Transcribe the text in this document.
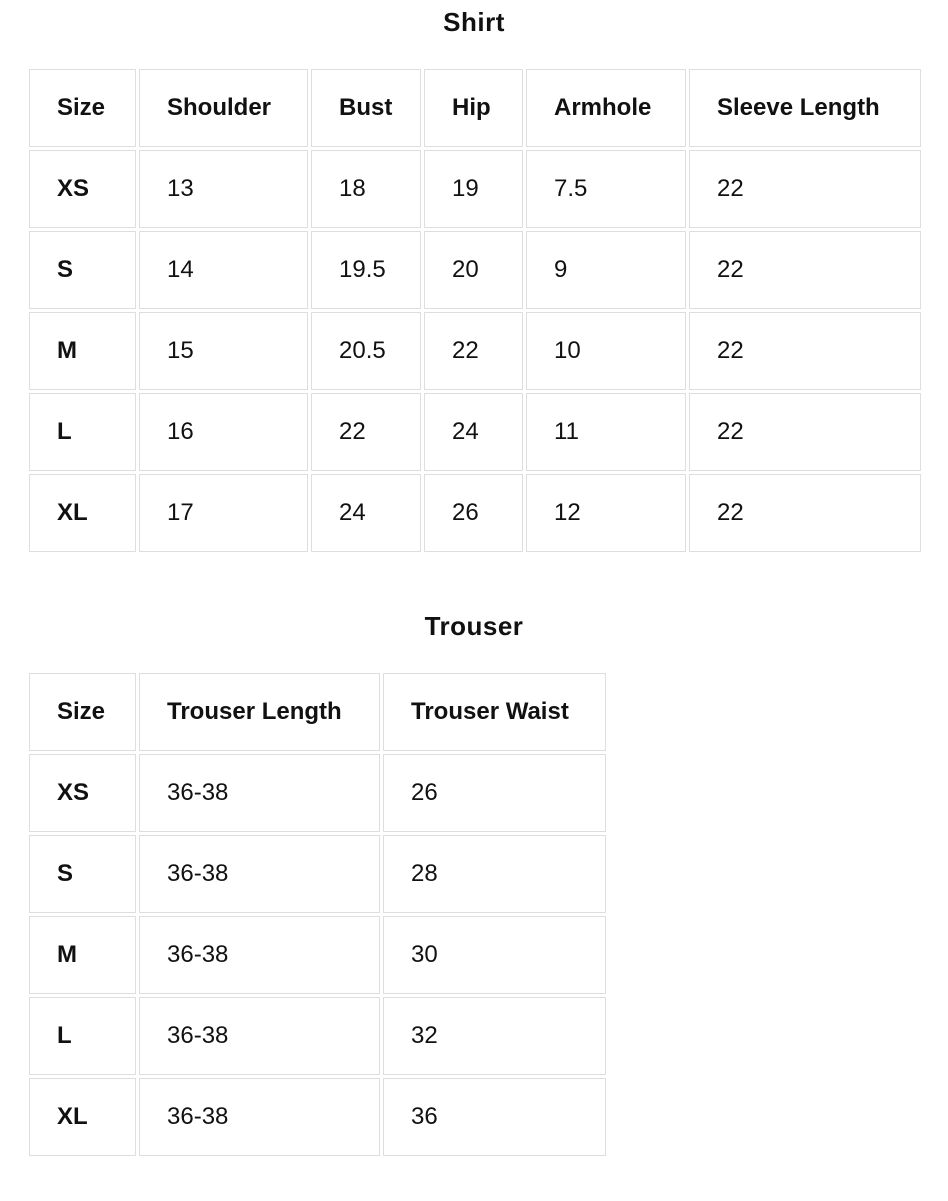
Shirt
Size	Shoulder	Bust	Hip	Armhole	Sleeve Length
XS	13	18	19	7.5	22
S	14	19.5	20	9	22
M	15	20.5	22	10	22
L	16	22	24	11	22
XL	17	24	26	12	22
Trouser
Size	Trouser Length	Trouser Waist
XS	36-38	26
S	36-38	28
M	36-38	30
L	36-38	32
XL	36-38	36
